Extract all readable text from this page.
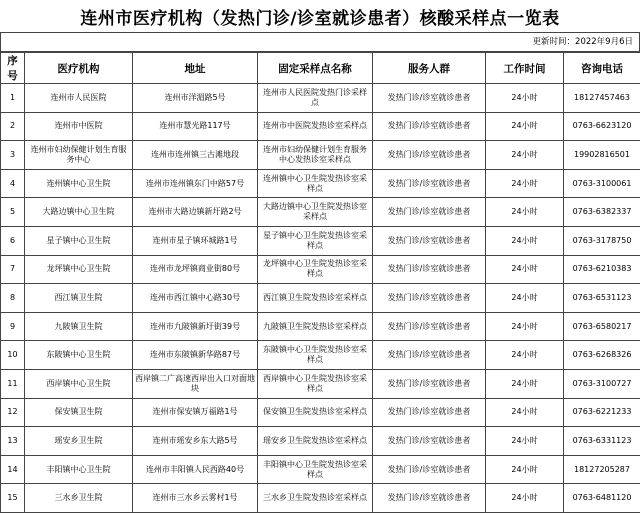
连州市医疗机构（发热门诊/诊室就诊患者）核酸采样点一览表
更新时间：2022年9月6日
序号	医疗机构	地址	固定采样点名称	服务人群	工作时间	咨询电话
1	连州市人民医院	连州市洋湄路5号	连州市人民医院发热门诊采样点	发热门诊/诊室就诊患者	24小时	18127457463
2	连州市中医院	连州市慧光路117号	连州市中医院发热诊室采样点	发热门诊/诊室就诊患者	24小时	0763-6623120
3	连州市妇幼保健计划生育服务中心	连州市连州镇三古滩地段	连州市妇幼保健计划生育服务中心发热诊室采样点	发热门诊/诊室就诊患者	24小时	19902816501
4	连州镇中心卫生院	连州市连州镇东门中路57号	连州镇中心卫生院发热诊室采样点	发热门诊/诊室就诊患者	24小时	0763-3100061
5	大路边镇中心卫生院	连州市大路边镇新圩路2号	大路边镇中心卫生院发热诊室采样点	发热门诊/诊室就诊患者	24小时	0763-6382337
6	星子镇中心卫生院	连州市星子镇环城路1号	星子镇中心卫生院发热诊室采样点	发热门诊/诊室就诊患者	24小时	0763-3178750
7	龙坪镇中心卫生院	连州市龙坪镇商业街80号	龙坪镇中心卫生院发热诊室采样点	发热门诊/诊室就诊患者	24小时	0763-6210383
8	西江镇卫生院	连州市西江镇中心路30号	西江镇卫生院发热诊室采样点	发热门诊/诊室就诊患者	24小时	0763-6531123
9	九陂镇卫生院	连州市九陂镇新圩街39号	九陂镇卫生院发热诊室采样点	发热门诊/诊室就诊患者	24小时	0763-6580217
10	东陂镇中心卫生院	连州市东陂镇新华路87号	东陂镇中心卫生院发热诊室采样点	发热门诊/诊室就诊患者	24小时	0763-6268326
11	西岸镇中心卫生院	西岸镇二广高速西岸出入口对面地块	西岸镇中心卫生院发热诊室采样点	发热门诊/诊室就诊患者	24小时	0763-3100727
12	保安镇卫生院	连州市保安镇万福路1号	保安镇卫生院发热诊室采样点	发热门诊/诊室就诊患者	24小时	0763-6221233
13	瑶安乡卫生院	连州市瑶安乡东大路5号	瑶安乡卫生院发热诊室采样点	发热门诊/诊室就诊患者	24小时	0763-6331123
14	丰阳镇中心卫生院	连州市丰阳镇人民西路40号	丰阳镇中心卫生院发热诊室采样点	发热门诊/诊室就诊患者	24小时	18127205287
15	三水乡卫生院	连州市三水乡云雾村1号	三水乡卫生院发热诊室采样点	发热门诊/诊室就诊患者	24小时	0763-6481120
